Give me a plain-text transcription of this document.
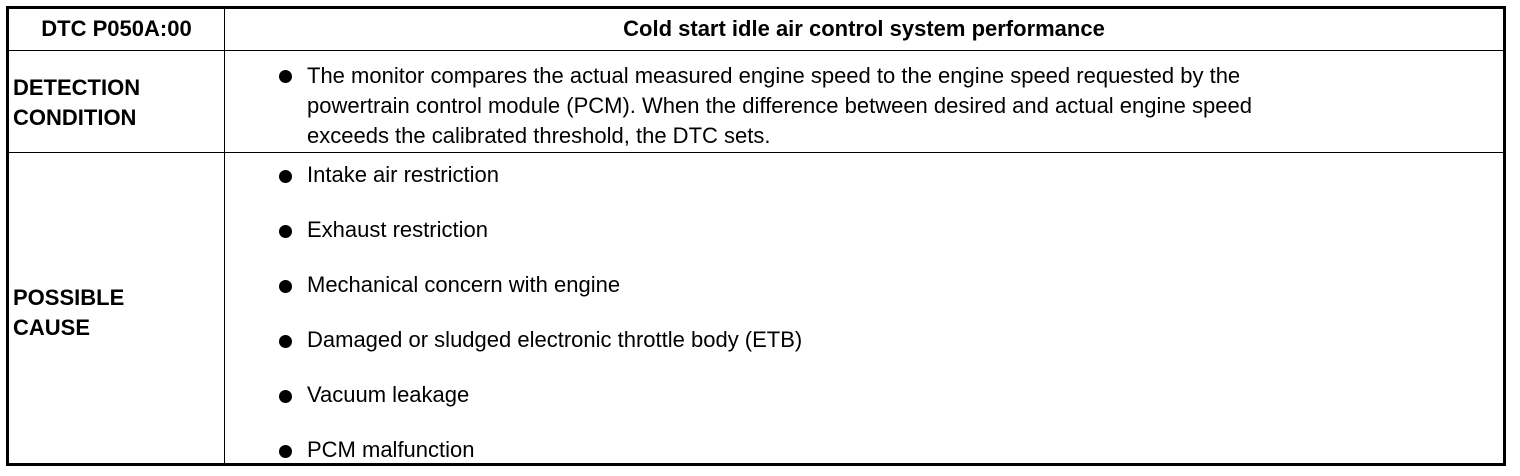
DTC P050A:00	Cold start idle air control system performance
DETECTION
CONDITION
The monitor compares the actual measured engine speed to the engine speed requested by the
powertrain control module (PCM). When the difference between desired and actual engine speed
exceeds the calibrated threshold, the DTC sets.
POSSIBLE
CAUSE
Intake air restriction
Exhaust restriction
Mechanical concern with engine
Damaged or sludged electronic throttle body (ETB)
Vacuum leakage
PCM malfunction
